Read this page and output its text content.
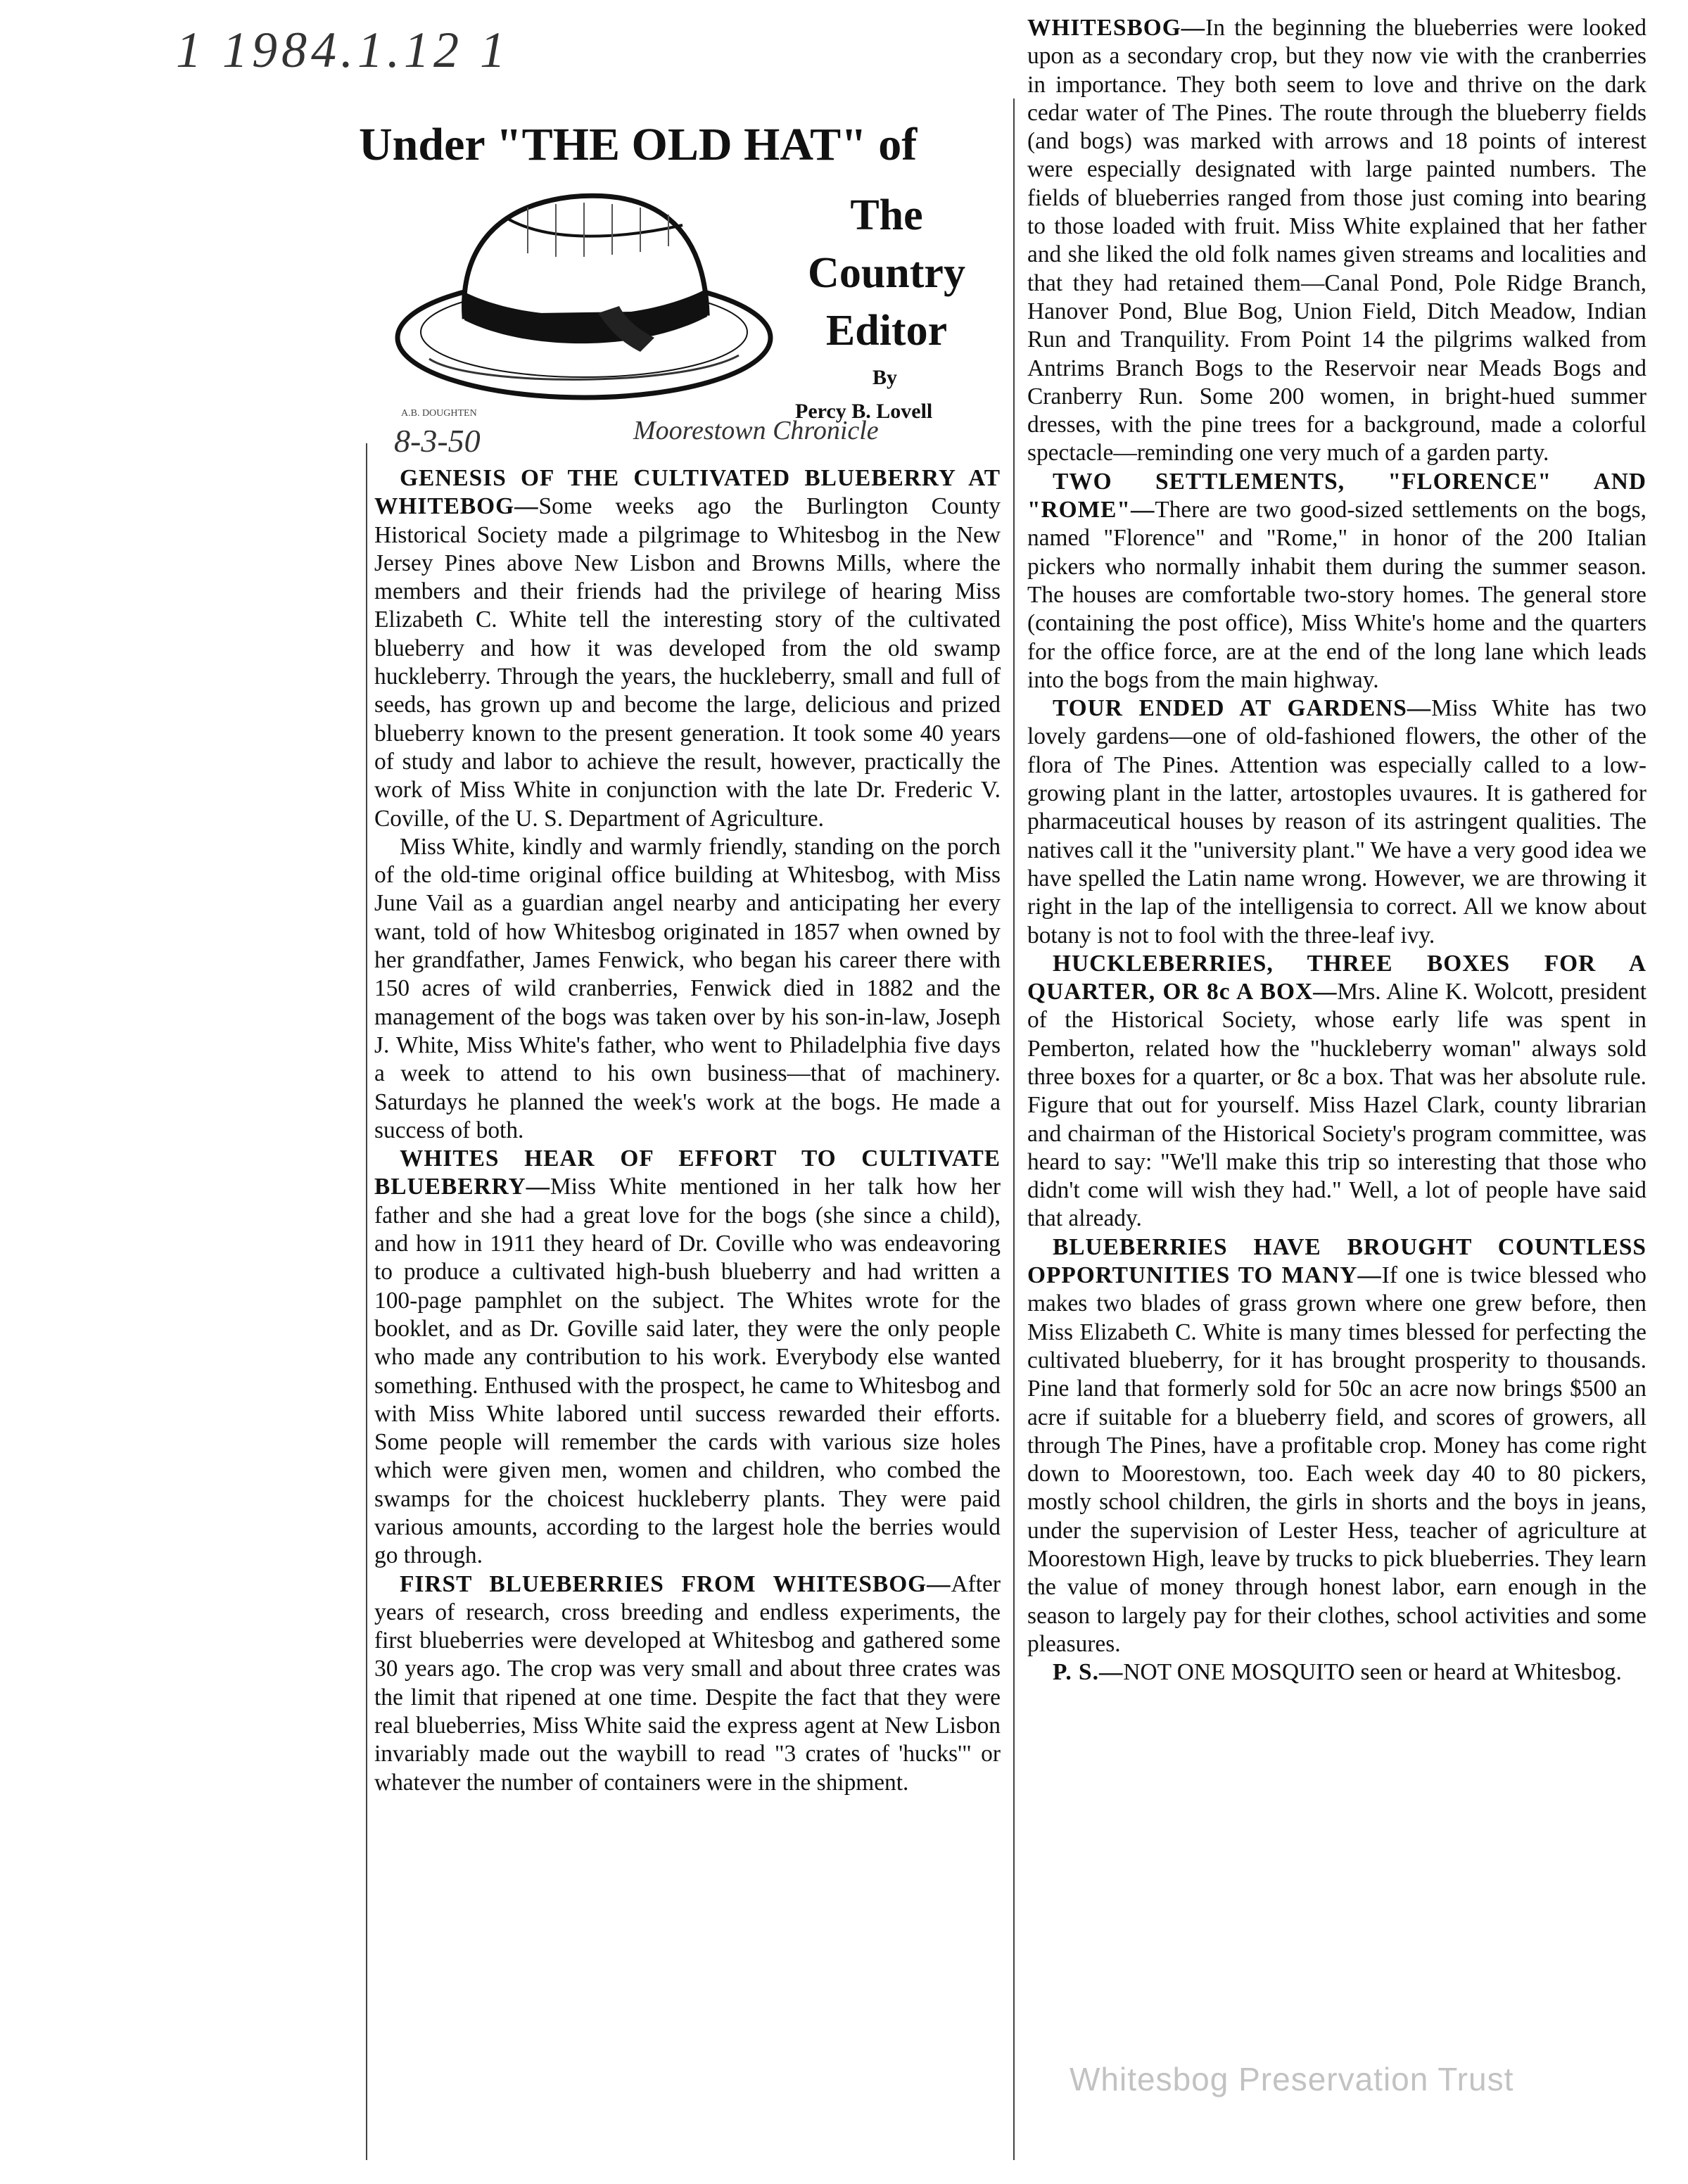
1 1984.1.12 1
Under "THE OLD HAT" of
The Country Editor
By
Percy B. Lovell
A.B. DOUGHTEN
8-3-50	Moorestown Chronicle

GENESIS OF THE CULTIVATED BLUEBERRY AT WHITEBOG—Some weeks ago the Burlington County Historical Society made a pilgrimage to Whitesbog in the New Jersey Pines above New Lisbon and Browns Mills, where the members and their friends had the privilege of hearing Miss Elizabeth C. White tell the interesting story of the cultivated blueberry and how it was developed from the old swamp huckleberry. Through the years, the huckleberry, small and full of seeds, has grown up and become the large, delicious and prized blueberry known to the present generation. It took some 40 years of study and labor to achieve the result, however, practically the work of Miss White in conjunction with the late Dr. Frederic V. Coville, of the U. S. Department of Agriculture.

Miss White, kindly and warmly friendly, standing on the porch of the old-time original office building at Whitesbog, with Miss June Vail as a guardian angel nearby and anticipating her every want, told of how Whitesbog originated in 1857 when owned by her grandfather, James Fenwick, who began his career there with 150 acres of wild cranberries, Fenwick died in 1882 and the management of the bogs was taken over by his son-in-law, Joseph J. White, Miss White's father, who went to Philadelphia five days a week to attend to his own business—that of machinery. Saturdays he planned the week's work at the bogs. He made a success of both.

WHITES HEAR OF EFFORT TO CULTIVATE BLUEBERRY—Miss White mentioned in her talk how her father and she had a great love for the bogs (she since a child), and how in 1911 they heard of Dr. Coville who was endeavoring to produce a cultivated high-bush blueberry and had written a 100-page pamphlet on the subject. The Whites wrote for the booklet, and as Dr. Goville said later, they were the only people who made any contribution to his work. Everybody else wanted something. Enthused with the prospect, he came to Whitesbog and with Miss White labored until success rewarded their efforts. Some people will remember the cards with various size holes which were given men, women and children, who combed the swamps for the choicest huckleberry plants. They were paid various amounts, according to the largest hole the berries would go through.

FIRST BLUEBERRIES FROM WHITESBOG—After years of research, cross breeding and endless experiments, the first blueberries were developed at Whitesbog and gathered some 30 years ago. The crop was very small and about three crates was the limit that ripened at one time. Despite the fact that they were real blueberries, Miss White said the express agent at New Lisbon invariably made out the waybill to read "3 crates of 'hucks'" or whatever the number of containers were in the shipment.

WHITESBOG—In the beginning the blueberries were looked upon as a secondary crop, but they now vie with the cranberries in importance. They both seem to love and thrive on the dark cedar water of The Pines. The route through the blueberry fields (and bogs) was marked with arrows and 18 points of interest were especially designated with large painted numbers. The fields of blueberries ranged from those just coming into bearing to those loaded with fruit. Miss White explained that her father and she liked the old folk names given streams and localities and that they had retained them—Canal Pond, Pole Ridge Branch, Hanover Pond, Blue Bog, Union Field, Ditch Meadow, Indian Run and Tranquility. From Point 14 the pilgrims walked from Antrims Branch Bogs to the Reservoir near Meads Bogs and Cranberry Run. Some 200 women, in bright-hued summer dresses, with the pine trees for a background, made a colorful spectacle—reminding one very much of a garden party.

TWO SETTLEMENTS, "FLORENCE" AND "ROME"—There are two good-sized settlements on the bogs, named "Florence" and "Rome," in honor of the 200 Italian pickers who normally inhabit them during the summer season. The houses are comfortable two-story homes. The general store (containing the post office), Miss White's home and the quarters for the office force, are at the end of the long lane which leads into the bogs from the main highway.

TOUR ENDED AT GARDENS—Miss White has two lovely gardens—one of old-fashioned flowers, the other of the flora of The Pines. Attention was especially called to a low-growing plant in the latter, artostoples uvaures. It is gathered for pharmaceutical houses by reason of its astringent qualities. The natives call it the "university plant." We have a very good idea we have spelled the Latin name wrong. However, we are throwing it right in the lap of the intelligensia to correct. All we know about botany is not to fool with the three-leaf ivy.

HUCKLEBERRIES, THREE BOXES FOR A QUARTER, OR 8c A BOX—Mrs. Aline K. Wolcott, president of the Historical Society, whose early life was spent in Pemberton, related how the "huckleberry woman" always sold three boxes for a quarter, or 8c a box. That was her absolute rule. Figure that out for yourself. Miss Hazel Clark, county librarian and chairman of the Historical Society's program committee, was heard to say: "We'll make this trip so interesting that those who didn't come will wish they had." Well, a lot of people have said that already.

BLUEBERRIES HAVE BROUGHT COUNTLESS OPPORTUNITIES TO MANY—If one is twice blessed who makes two blades of grass grown where one grew before, then Miss Elizabeth C. White is many times blessed for perfecting the cultivated blueberry, for it has brought prosperity to thousands. Pine land that formerly sold for 50c an acre now brings $500 an acre if suitable for a blueberry field, and scores of growers, all through The Pines, have a profitable crop. Money has come right down to Moorestown, too. Each week day 40 to 80 pickers, mostly school children, the girls in shorts and the boys in jeans, under the supervision of Lester Hess, teacher of agriculture at Moorestown High, leave by trucks to pick blueberries. They learn the value of money through honest labor, earn enough in the season to largely pay for their clothes, school activities and some pleasures.

P. S.—NOT ONE MOSQUITO seen or heard at Whitesbog.

Whitesbog Preservation Trust
